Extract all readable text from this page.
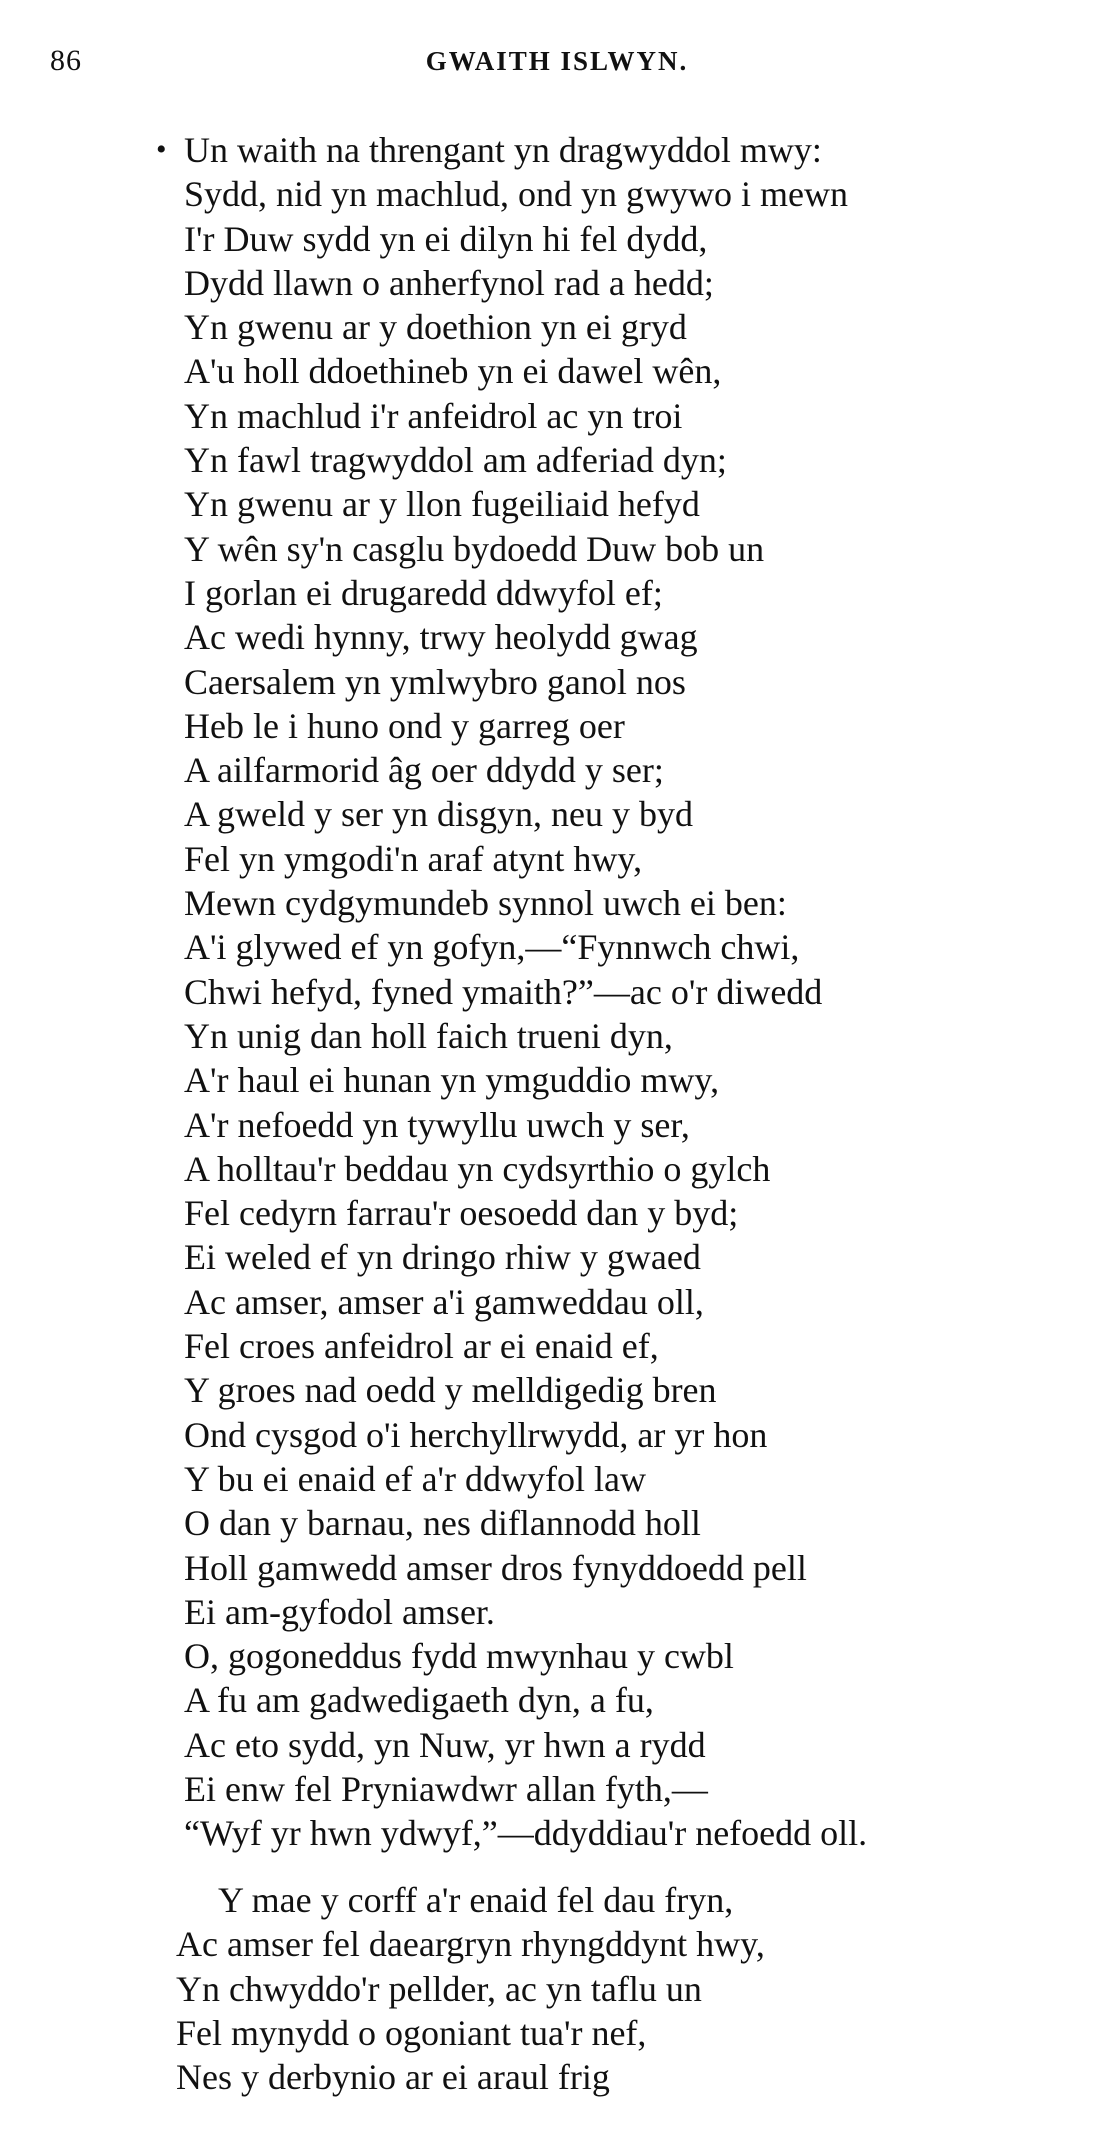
86	GWAITH ISLWYN.
• Un waith na threngant yn dragwyddol mwy:
Sydd, nid yn machlud, ond yn gwywo i mewn
I'r Duw sydd yn ei dilyn hi fel dydd,
Dydd llawn o anherfynol rad a hedd;
Yn gwenu ar y doethion yn ei gryd
A'u holl ddoethineb yn ei dawel wên,
Yn machlud i'r anfeidrol ac yn troi
Yn fawl tragwyddol am adferiad dyn;
Yn gwenu ar y llon fugeiliaid hefyd
Y wên sy'n casglu bydoedd Duw bob un
I gorlan ei drugaredd ddwyfol ef;
Ac wedi hynny, trwy heolydd gwag
Caersalem yn ymlwybro ganol nos
Heb le i huno ond y garreg oer
A ailfarmorid âg oer ddydd y ser;
A gweld y ser yn disgyn, neu y byd
Fel yn ymgodi'n araf atynt hwy,
Mewn cydgymundeb synnol uwch ei ben:
A'i glywed ef yn gofyn,—“Fynnwch chwi,
Chwi hefyd, fyned ymaith?”—ac o'r diwedd
Yn unig dan holl faich trueni dyn,
A'r haul ei hunan yn ymguddio mwy,
A'r nefoedd yn tywyllu uwch y ser,
A holltau'r beddau yn cydsyrthio o gylch
Fel cedyrn farrau'r oesoedd dan y byd;
Ei weled ef yn dringo rhiw y gwaed
Ac amser, amser a'i gamweddau oll,
Fel croes anfeidrol ar ei enaid ef,
Y groes nad oedd y melldigedig bren
Ond cysgod o'i herchyllrwydd, ar yr hon
Y bu ei enaid ef a'r ddwyfol law
O dan y barnau, nes diflannodd holl
Holl gamwedd amser dros fynyddoedd pell
Ei am-gyfodol amser.
O, gogoneddus fydd mwynhau y cwbl
A fu am gadwedigaeth dyn, a fu,
Ac eto sydd, yn Nuw, yr hwn a rydd
Ei enw fel Pryniawdwr allan fyth,—
“Wyf yr hwn ydwyf,”—ddyddiau'r nefoedd oll.
Y mae y corff a'r enaid fel dau fryn,
Ac amser fel daeargryn rhyngddynt hwy,
Yn chwyddo'r pellder, ac yn taflu un
Fel mynydd o ogoniant tua'r nef,
Nes y derbynio ar ei araul frig
